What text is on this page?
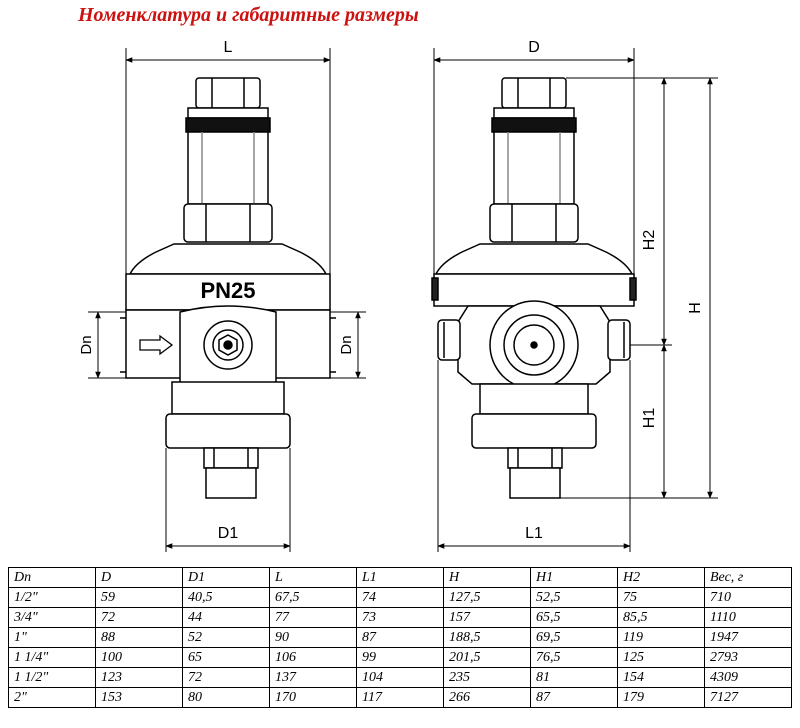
Номенклатура и габаритные размеры
PN25
L
D1
Dn	Dn
D
L1
H
H2
H1
Dn	D	D1	L	L1	H	H1	H2	Вес, г
1/2"	59	40,5	67,5	74	127,5	52,5	75	710
3/4"	72	44	77	73	157	65,5	85,5	1110
1"	88	52	90	87	188,5	69,5	119	1947
1 1/4"	100	65	106	99	201,5	76,5	125	2793
1 1/2"	123	72	137	104	235	81	154	4309
2"	153	80	170	117	266	87	179	7127
